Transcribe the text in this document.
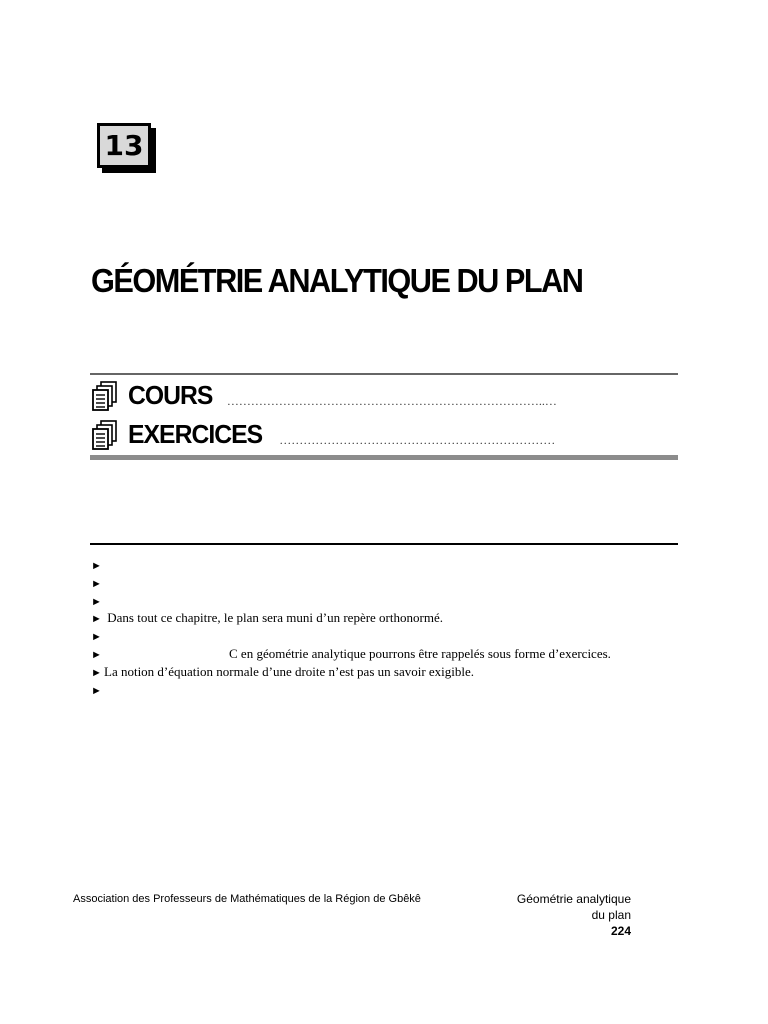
13
GÉOMÉTRIE ANALYTIQUE DU PLAN
COURS ……………………………………………………………………..…
EXERCICES ……………………………………………………………
►
►
►
► Dans tout ce chapitre, le plan sera muni d’un repère orthonormé.
►
►	C en géométrie analytique pourrons être rappelés sous forme d’exercices.
► La notion d’équation normale d’une droite n’est pas un savoir exigible.
►
Association des Professeurs de Mathématiques de la Région de Gbêkê	Géométrie analytique
du plan
224
